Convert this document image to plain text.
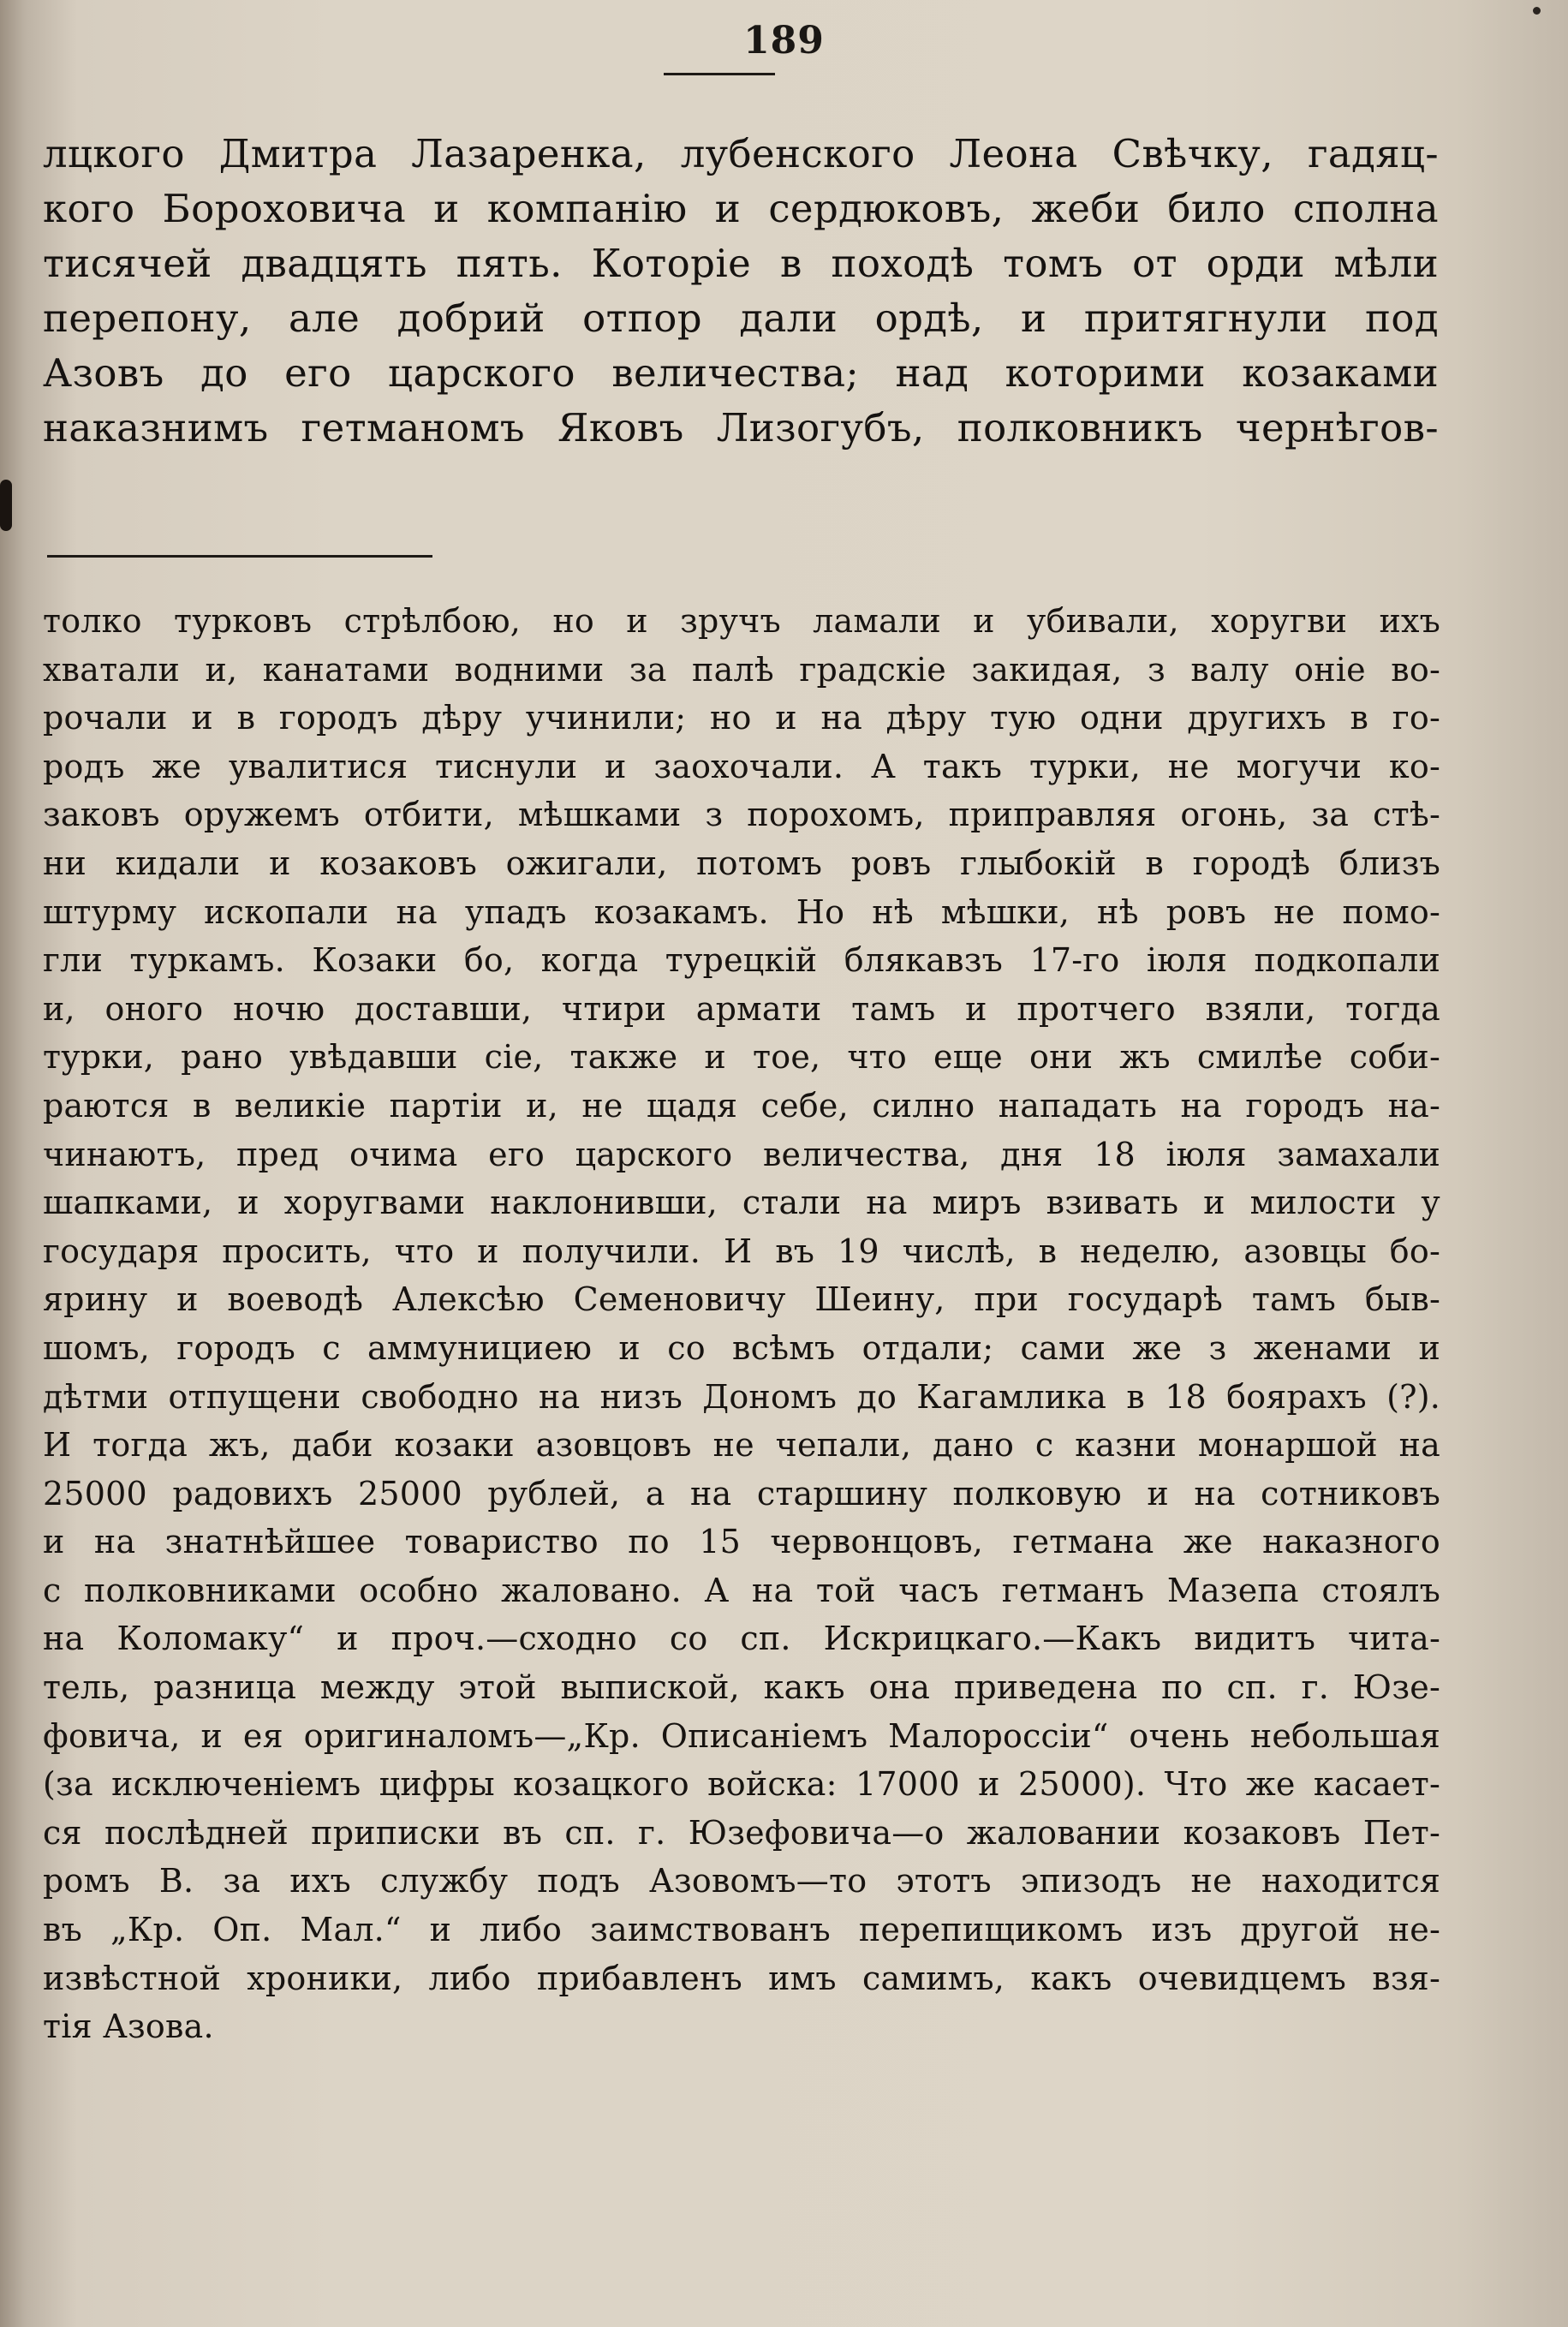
189
лцкого Дмитра Лазаренка, лубенского Леона Свѣчку, гадяц-
кого Бороховича и компанію и сердюковъ, жеби било сполна
тисячей двадцять пять. Которіе в походѣ томъ от орди мѣли
перепону, але добрий отпор дали ордѣ, и притягнули под
Азовъ до его царского величества; над которими козаками
наказнимъ гетманомъ Яковъ Лизогубъ, полковникъ чернѣгов-
толко турковъ стрѣлбою, но и зручъ ламали и убивали, хоругви ихъ
хватали и, канатами водними за палѣ градскіе закидая, з валу оніе во-
рочали и в городъ дѣру учинили; но и на дѣру тую одни другихъ в го-
родъ же увалитися тиснули и заохочали. А такъ турки, не могучи ко-
заковъ оружемъ отбити, мѣшками з порохомъ, приправляя огонь, за стѣ-
ни кидали и козаковъ ожигали, потомъ ровъ глыбокій в городѣ близъ
штурму ископали на упадъ козакамъ. Но нѣ мѣшки, нѣ ровъ не помо-
гли туркамъ. Козаки бо, когда турецкій блякавзъ 17-го іюля подкопали
и, оного ночю доставши, чтири армати тамъ и протчего взяли, тогда
турки, рано увѣдавши сіе, также и тое, что еще они жъ смилѣе соби-
раются в великіе партіи и, не щадя себе, силно нападать на городъ на-
чинаютъ, пред очима его царского величества, дня 18 іюля замахали
шапками, и хоругвами наклонивши, стали на миръ взивать и милости у
государя просить, что и получили. И въ 19 числѣ, в неделю, азовцы бо-
ярину и воеводѣ Алексѣю Семеновичу Шеину, при государѣ тамъ быв-
шомъ, городъ с аммунициею и со всѣмъ отдали; сами же з женами и
дѣтми отпущени свободно на низъ Дономъ до Кагамлика в 18 боярахъ (?).
И тогда жъ, даби козаки азовцовъ не чепали, дано с казни монаршой на
25000 радовихъ 25000 рублей, а на старшину полковую и на сотниковъ
и на знатнѣйшее товариство по 15 червонцовъ, гетмана же наказного
с полковниками особно жаловано. А на той часъ гетманъ Мазепа стоялъ
на Коломаку“ и проч.—сходно со сп. Искрицкаго.—Какъ видитъ чита-
тель, разница между этой выпиской, какъ она приведена по сп. г. Юзе-
фовича, и ея оригиналомъ—„Кр. Описаніемъ Малороссіи“ очень небольшая
(за исключеніемъ цифры козацкого войска: 17000 и 25000). Что же касает-
ся послѣдней приписки въ сп. г. Юзефовича—о жаловании козаковъ Пет-
ромъ В. за ихъ службу подъ Азовомъ—то этотъ эпизодъ не находится
въ „Кр. Оп. Мал.“ и либо заимствованъ перепищикомъ изъ другой не-
извѣстной хроники, либо прибавленъ имъ самимъ, какъ очевидцемъ взя-
тія Азова.
